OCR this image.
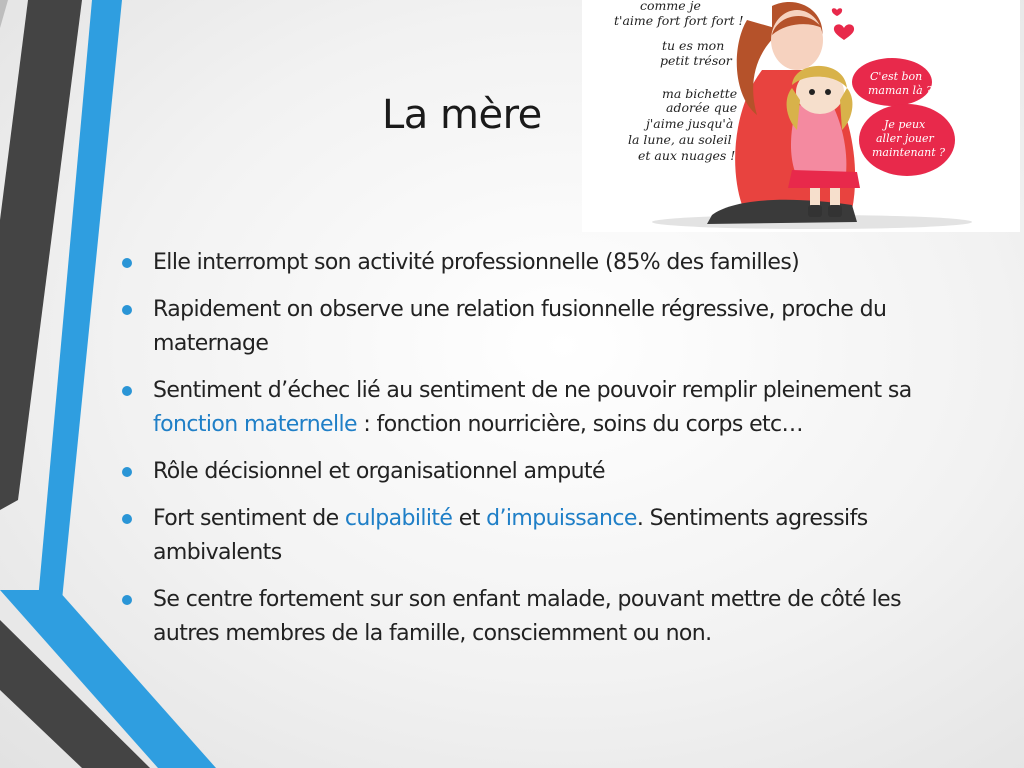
La mère
C'est bon
maman là ?
Je peux
aller jouer
maintenant ?
comme je
t'aime fort fort fort !
tu es mon
petit trésor
ma bichette
adorée que
j'aime jusqu'à
la lune, au soleil
et aux nuages !
Elle interrompt son activité professionnelle (85% des familles)
Rapidement on observe une relation fusionnelle régressive, proche du maternage
Sentiment d’échec lié au sentiment de ne pouvoir remplir pleinement sa fonction maternelle : fonction nourricière, soins du corps etc…
Rôle décisionnel et organisationnel amputé
Fort sentiment de culpabilité et d’impuissance. Sentiments agressifs ambivalents
Se centre fortement sur son enfant malade, pouvant mettre de côté les autres membres de la famille, consciemment ou non.
